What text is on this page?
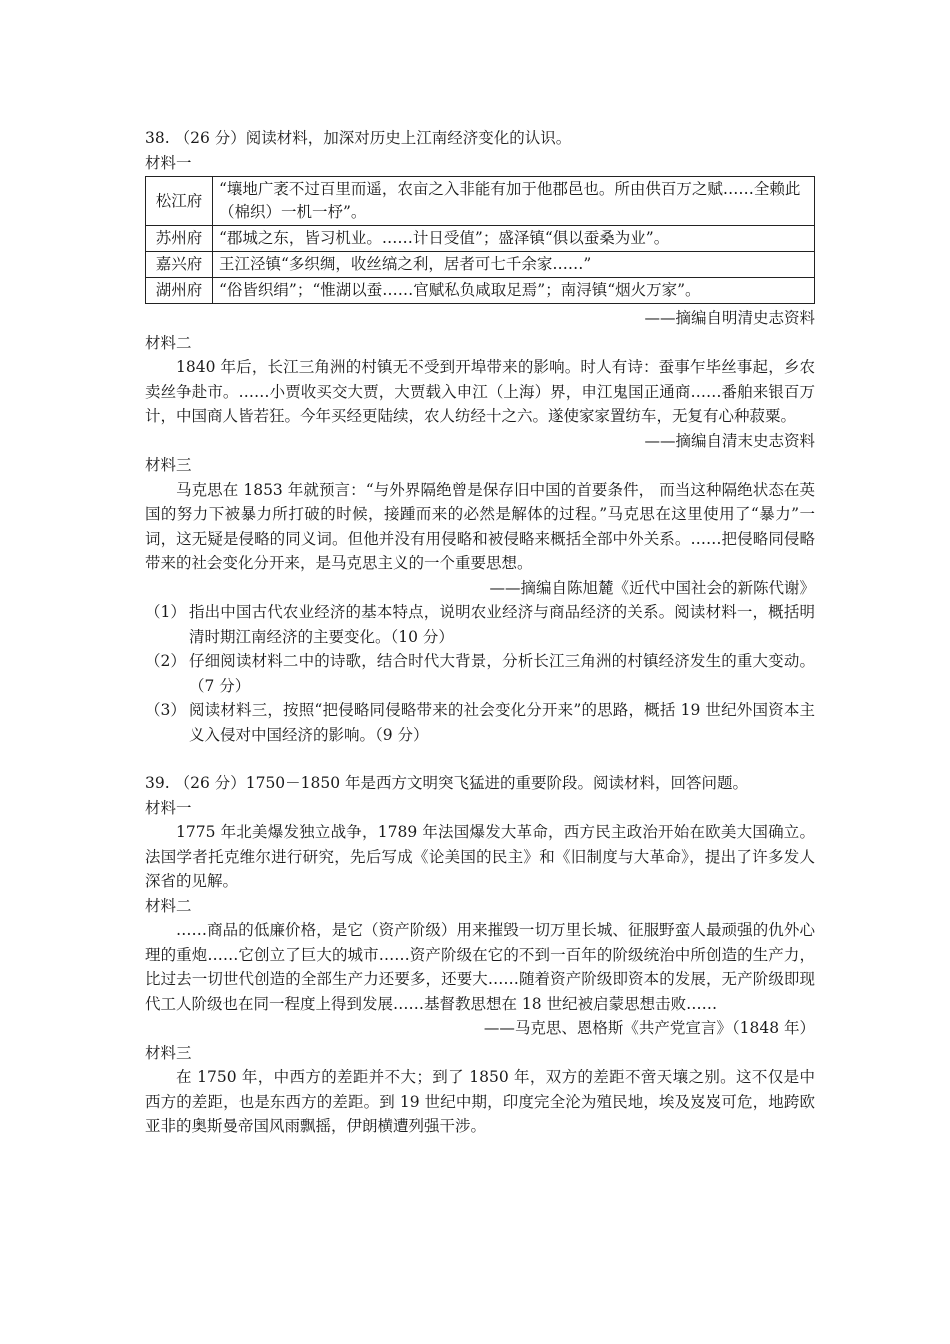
38. （26 分）阅读材料，加深对历史上江南经济变化的认识。
材料一
松江府	“壤地广袤不过百里而遥，农亩之入非能有加于他郡邑也。所由供百万之赋……全赖此（棉织）一机一杼”。
苏州府	“郡城之东，皆习机业。……计日受值”；盛泽镇“俱以蚕桑为业”。
嘉兴府	王江泾镇“多织绸，收丝缟之利，居者可七千余家……”
湖州府	“俗皆织绢”；“惟湖以蚕……官赋私负咸取足焉”；南浔镇“烟火万家”。
——摘编自明清史志资料
材料二

1840 年后，长江三角洲的村镇无不受到开埠带来的影响。时人有诗：蚕事乍毕丝事起，乡农卖丝争赴市。……小贾收买交大贾，大贾载入申江（上海）界，申江鬼国正通商……番舶来银百万计，中国商人皆若狂。今年买经更陆续，农人纺经十之六。遂使家家置纺车，无复有心种菽粟。

——摘编自清末史志资料
材料三

马克思在 1853 年就预言：“与外界隔绝曾是保存旧中国的首要条件， 而当这种隔绝状态在英国的努力下被暴力所打破的时候，接踵而来的必然是解体的过程。”马克思在这里使用了“暴力”一词，这无疑是侵略的同义词。但他并没有用侵略和被侵略来概括全部中外关系。……把侵略同侵略带来的社会变化分开来，是马克思主义的一个重要思想。

——摘编自陈旭麓《近代中国社会的新陈代谢》
（1） 指出中国古代农业经济的基本特点，说明农业经济与商品经济的关系。阅读材料一，概括明清时期江南经济的主要变化。（10 分）
（2） 仔细阅读材料二中的诗歌，结合时代大背景，分析长江三角洲的村镇经济发生的重大变动。（7 分）
（3） 阅读材料三，按照“把侵略同侵略带来的社会变化分开来”的思路，概括 19 世纪外国资本主义入侵对中国经济的影响。（9 分）
39. （26 分）1750－1850 年是西方文明突飞猛进的重要阶段。阅读材料，回答问题。
材料一

1775 年北美爆发独立战争，1789 年法国爆发大革命，西方民主政治开始在欧美大国确立。法国学者托克维尔进行研究，先后写成《论美国的民主》和《旧制度与大革命》，提出了许多发人深省的见解。

材料二

……商品的低廉价格，是它（资产阶级）用来摧毁一切万里长城、征服野蛮人最顽强的仇外心理的重炮……它创立了巨大的城市……资产阶级在它的不到一百年的阶级统治中所创造的生产力，比过去一切世代创造的全部生产力还要多，还要大……随着资产阶级即资本的发展，无产阶级即现代工人阶级也在同一程度上得到发展……基督教思想在 18 世纪被启蒙思想击败……

——马克思、恩格斯《共产党宣言》（1848 年）
材料三

在 1750 年，中西方的差距并不大；到了 1850 年，双方的差距不啻天壤之别。这不仅是中西方的差距，也是东西方的差距。到 19 世纪中期，印度完全沦为殖民地，埃及岌岌可危，地跨欧亚非的奥斯曼帝国风雨飘摇，伊朗横遭列强干涉。
